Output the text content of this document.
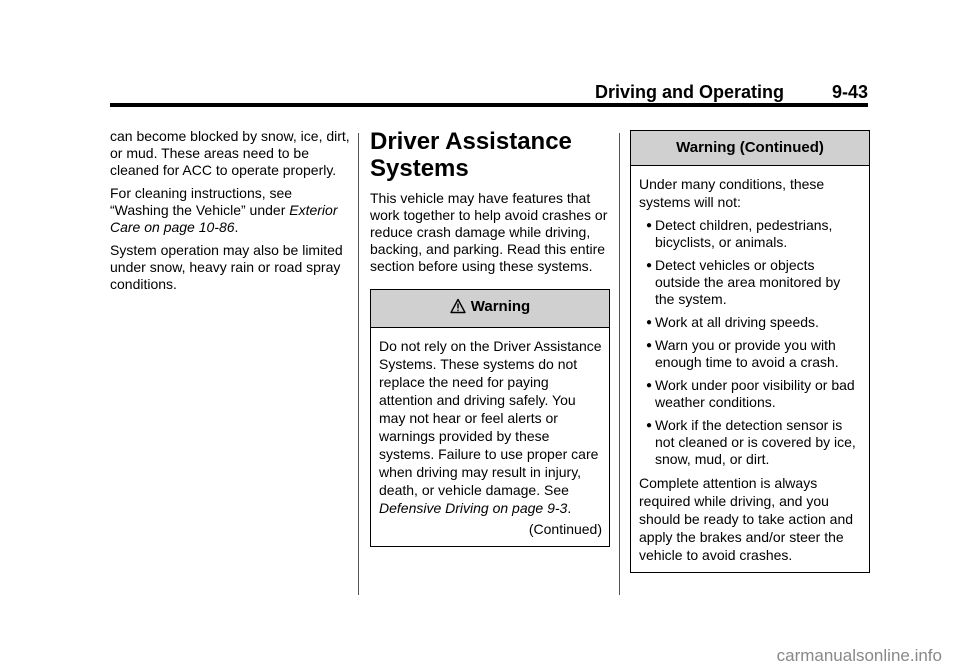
Driving and Operating	9-43

can become blocked by snow, ice, dirt, or mud. These areas need to be cleaned for ACC to operate properly.

For cleaning instructions, see “Washing the Vehicle” under Exterior Care on page 10-86.

System operation may also be limited under snow, heavy rain or road spray conditions.

Driver Assistance Systems

This vehicle may have features that work together to help avoid crashes or reduce crash damage while driving, backing, and parking. Read this entire section before using these systems.

Warning
Do not rely on the Driver Assistance Systems. These systems do not replace the need for paying attention and driving safely. You may not hear or feel alerts or warnings provided by these systems. Failure to use proper care when driving may result in injury, death, or vehicle damage. See Defensive Driving on page 9-3.
(Continued)
Warning (Continued)

Under many conditions, these systems will not:

● Detect children, pedestrians, bicyclists, or animals.
● Detect vehicles or objects outside the area monitored by the system.
● Work at all driving speeds.
● Warn you or provide you with enough time to avoid a crash.
● Work under poor visibility or bad weather conditions.
● Work if the detection sensor is not cleaned or is covered by ice, snow, mud, or dirt.

Complete attention is always required while driving, and you should be ready to take action and apply the brakes and/or steer the vehicle to avoid crashes.

carmanualsonline.info
